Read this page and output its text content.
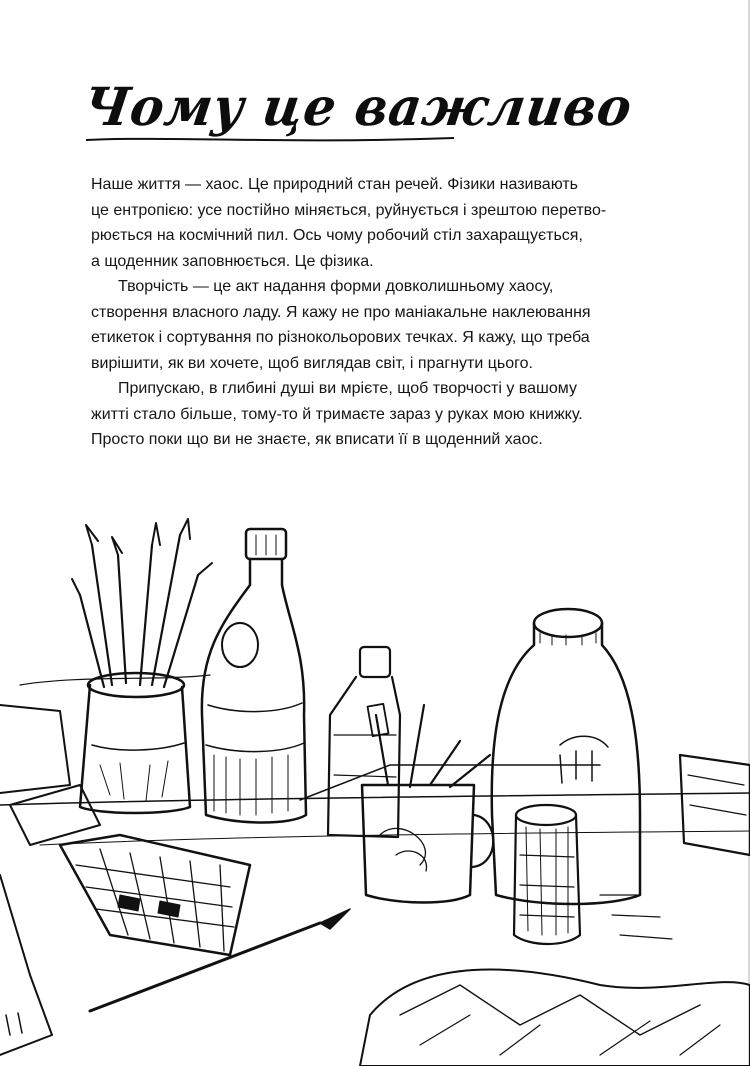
Чому це важливо

Наше життя — хаос. Це природний стан речей. Фізики називають
це ентропією: усе постійно міняється, руйнується і зрештою перетво-
рюється на космічний пил. Ось чому робочий стіл захаращується,
а щоденник заповнюється. Це фізика.

Творчість — це акт надання форми довколишньому хаосу,
створення власного ладу. Я кажу не про маніакальне наклеювання
етикеток і сортування по різнокольорових течках. Я кажу, що треба
вирішити, як ви хочете, щоб виглядав світ, і прагнути цього.

Припускаю, в глибині душі ви мрієте, щоб творчості у вашому
житті стало більше, тому-то й тримаєте зараз у руках мою книжку.
Просто поки що ви не знаєте, як вписати її в щоденний хаос.
